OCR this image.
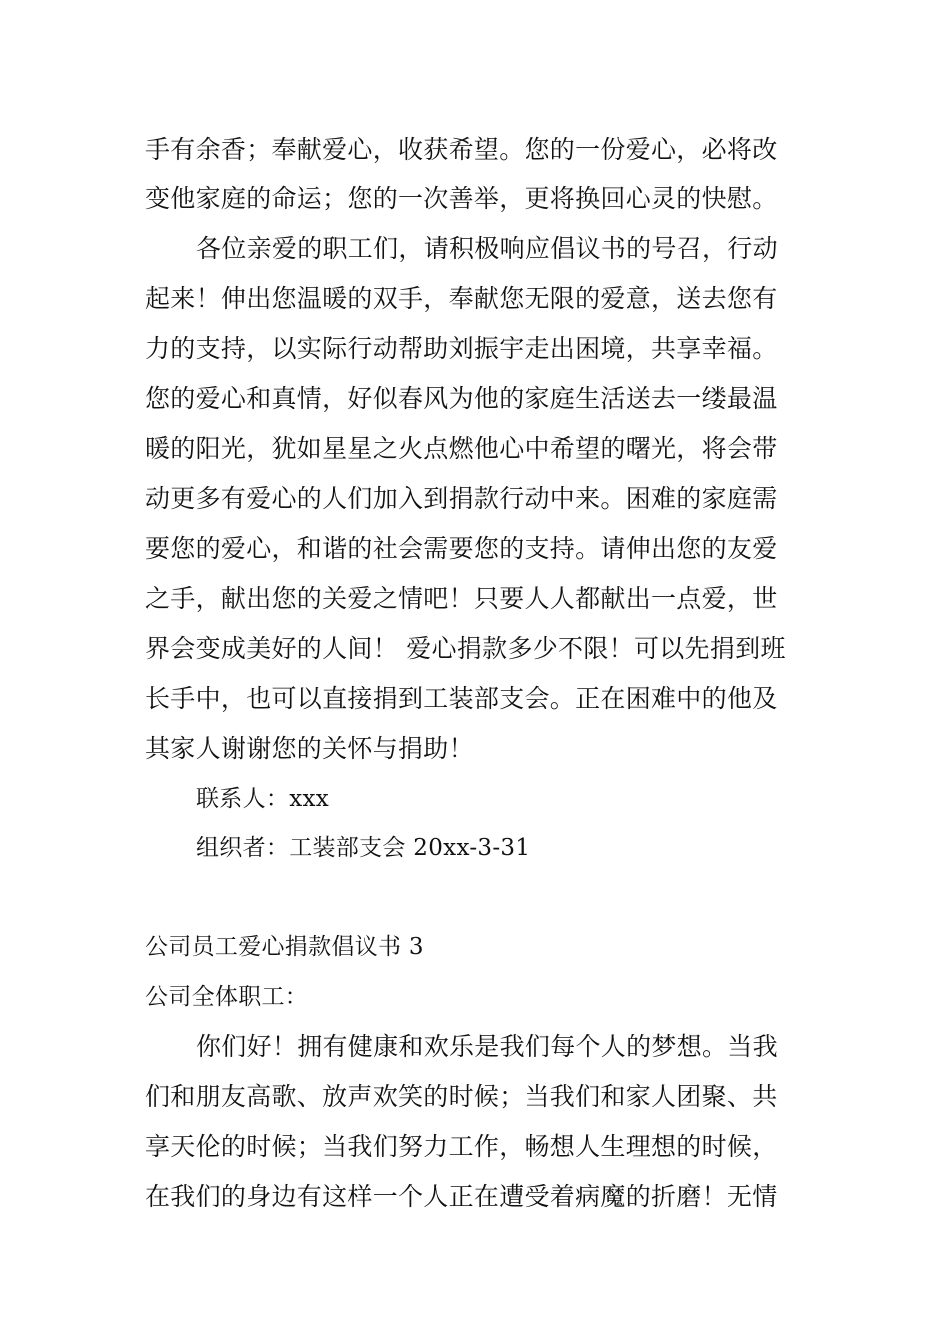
手有余香；奉献爱心，收获希望。您的一份爱心，必将改
变他家庭的命运；您的一次善举，更将换回心灵的快慰。
各位亲爱的职工们，请积极响应倡议书的号召，行动
起来！伸出您温暖的双手，奉献您无限的爱意，送去您有
力的支持，以实际行动帮助刘振宇走出困境，共享幸福。
您的爱心和真情，好似春风为他的家庭生活送去一缕最温
暖的阳光，犹如星星之火点燃他心中希望的曙光，将会带
动更多有爱心的人们加入到捐款行动中来。困难的家庭需
要您的爱心，和谐的社会需要您的支持。请伸出您的友爱
之手，献出您的关爱之情吧！只要人人都献出一点爱，世
界会变成美好的人间！ 爱心捐款多少不限！可以先捐到班
长手中，也可以直接捐到工装部支会。正在困难中的他及
其家人谢谢您的关怀与捐助！
联系人：xxx
组织者：工装部支会 20xx-3-31
公司员工爱心捐款倡议书 3
公司全体职工：
你们好！拥有健康和欢乐是我们每个人的梦想。当我
们和朋友高歌、放声欢笑的时候；当我们和家人团聚、共
享天伦的时候；当我们努力工作，畅想人生理想的时候，
在我们的身边有这样一个人正在遭受着病魔的折磨！无情
